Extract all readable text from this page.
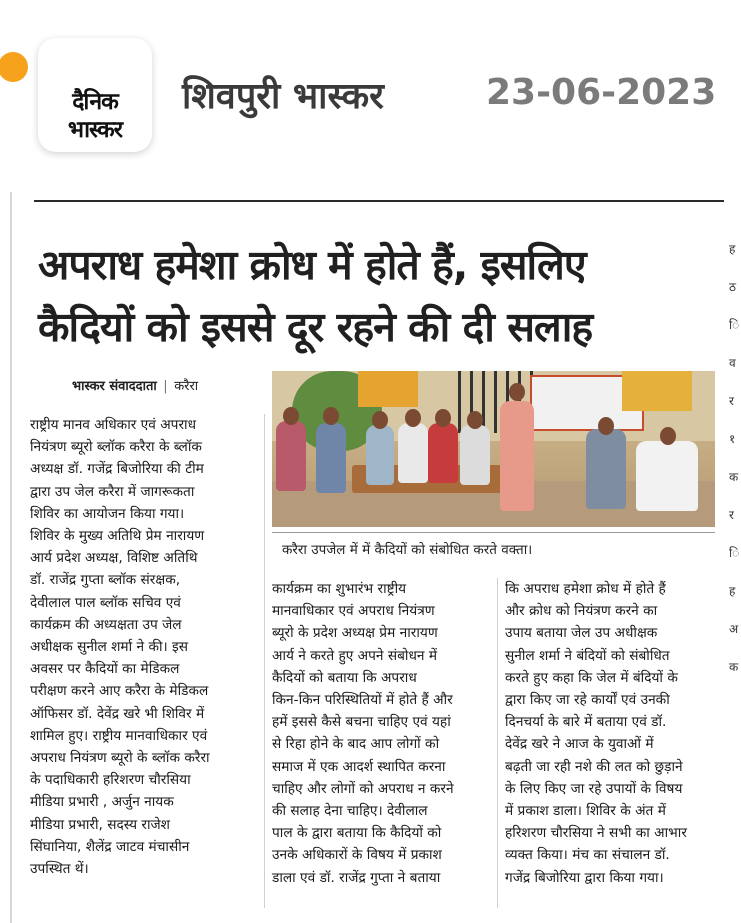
दैनिक
भास्कर
शिवपुरी भास्कर	23-06-2023
ह
ठ
ि
व
र
१
क
र
ि
ह
अ
क
अपराध हमेशा क्रोध में होते हैं, इसलिए
कैदियों को इससे दूर रहने की दी सलाह
भास्कर संवाददाता | करैरा
करैरा उपजेल में में कैदियों को संबोधित करते वक्ता।

राष्ट्रीय मानव अधिकार एवं अपराध

नियंत्रण ब्यूरो ब्लॉक करैरा के ब्लॉक

अध्यक्ष डॉ. गजेंद्र बिजोरिया की टीम

द्वारा उप जेल करैरा में जागरूकता

शिविर का आयोजन किया गया।

शिविर के मुख्य अतिथि प्रेम नारायण

आर्य प्रदेश अध्यक्ष, विशिष्ट अतिथि

डॉ. राजेंद्र गुप्ता ब्लॉक संरक्षक,

देवीलाल पाल ब्लॉक सचिव एवं

कार्यक्रम की अध्यक्षता उप जेल

अधीक्षक सुनील शर्मा ने की। इस

अवसर पर कैदियों का मेडिकल

परीक्षण करने आए करैरा के मेडिकल

ऑफिसर डॉ. देवेंद्र खरे भी शिविर में

शामिल हुए। राष्ट्रीय मानवाधिकार एवं

अपराध नियंत्रण ब्यूरो के ब्लॉक करैरा

के पदाधिकारी हरिशरण चौरसिया

मीडिया प्रभारी , अर्जुन नायक

मीडिया प्रभारी, सदस्य राजेश

सिंघानिया, शैलेंद्र जाटव मंचासीन

उपस्थित थें।

कार्यक्रम का शुभारंभ राष्ट्रीय

मानवाधिकार एवं अपराध नियंत्रण

ब्यूरो के प्रदेश अध्यक्ष प्रेम नारायण

आर्य ने करते हुए अपने संबोधन में

कैदियों को बताया कि अपराध

किन-किन परिस्थितियों में होते हैं और

हमें इससे कैसे बचना चाहिए एवं यहां

से रिहा होने के बाद आप लोगों को

समाज में एक आदर्श स्थापित करना

चाहिए और लोगों को अपराध न करने

की सलाह देना चाहिए। देवीलाल

पाल के द्वारा बताया कि कैदियों को

उनके अधिकारों के विषय में प्रकाश

डाला एवं डॉ. राजेंद्र गुप्ता ने बताया

कि अपराध हमेशा क्रोध में होते हैं

और क्रोध को नियंत्रण करने का

उपाय बताया जेल उप अधीक्षक

सुनील शर्मा ने बंदियों को संबोधित

करते हुए कहा कि जेल में बंदियों के

द्वारा किए जा रहे कार्यों एवं उनकी

दिनचर्या के बारे में बताया एवं डॉ.

देवेंद्र खरे ने आज के युवाओं में

बढ़ती जा रही नशे की लत को छुड़ाने

के लिए किए जा रहे उपायों के विषय

में प्रकाश डाला। शिविर के अंत में

हरिशरण चौरसिया ने सभी का आभार

व्यक्त किया। मंच का संचालन डॉ.

गजेंद्र बिजोरिया द्वारा किया गया।
